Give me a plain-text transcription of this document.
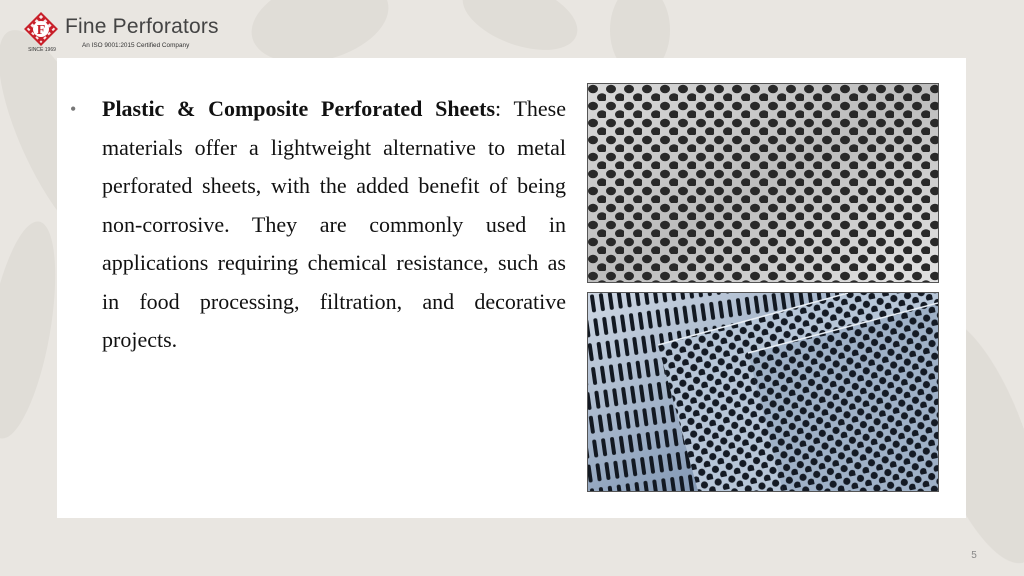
F
SINCE 1969
Fine Perforators
An ISO 9001:2015 Certified Company
• Plastic & Composite Perforated Sheets: These materials offer a lightweight alternative to metal perforated sheets, with the added benefit of being non-corrosive. They are commonly used in applications requiring chemical resistance, such as in food processing, filtration, and decorative projects.
5
